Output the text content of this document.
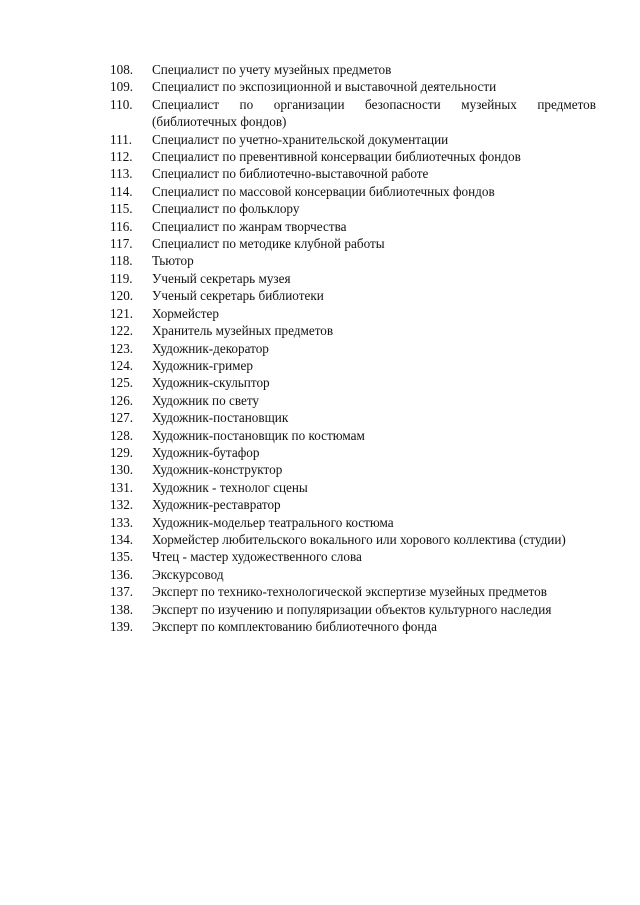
108.	Специалист по учету музейных предметов
109.	Специалист по экспозиционной и выставочной деятельности
110.	Специалист по организации безопасности музейных предметов (библиотечных фондов)
111.	Специалист по учетно-хранительской документации
112.	Специалист по превентивной консервации библиотечных фондов
113.	Специалист по библиотечно-выставочной работе
114.	Специалист по массовой консервации библиотечных фондов
115.	Специалист по фольклору
116.	Специалист по жанрам творчества
117.	Специалист по методике клубной работы
118.	Тьютор
119.	Ученый секретарь музея
120.	Ученый секретарь библиотеки
121.	Хормейстер
122.	Хранитель музейных предметов
123.	Художник-декоратор
124.	Художник-гример
125.	Художник-скульптор
126.	Художник по свету
127.	Художник-постановщик
128.	Художник-постановщик по костюмам
129.	Художник-бутафор
130.	Художник-конструктор
131.	Художник - технолог сцены
132.	Художник-реставратор
133.	Художник-модельер театрального костюма
134.	Хормейстер любительского вокального или хорового коллектива (студии)
135.	Чтец - мастер художественного слова
136.	Экскурсовод
137.	Эксперт по технико-технологической экспертизе музейных предметов
138.	Эксперт по изучению и популяризации объектов культурного наследия
139.	Эксперт по комплектованию библиотечного фонда
